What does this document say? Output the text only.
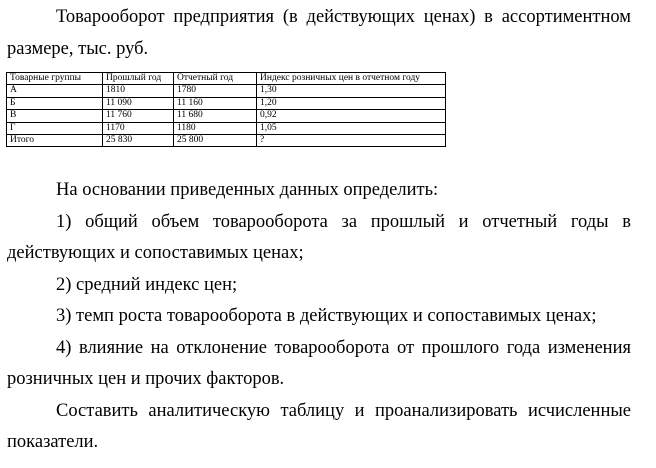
Товарооборот предприятия (в действующих ценах) в ассортиментном размере, тыс. руб.

Товарные группы	Прошлый год	Отчетный год	Индекс розничных цен в отчетном году
А	1810	1780	1,30
Б	11 090	11 160	1,20
В	11 760	11 680	0,92
Г	1170	1180	1,05
Итого	25 830	25 800	?

На основании приведенных данных определить:

1) общий объем товарооборота за прошлый и отчетный годы в действующих и сопоставимых ценах;

2) средний индекс цен;

3) темп роста товарооборота в действующих и сопоставимых ценах;

4) влияние на отклонение товарооборота от прошлого года изменения розничных цен и прочих факторов.

Составить аналитическую таблицу и проанализировать исчисленные показатели.
